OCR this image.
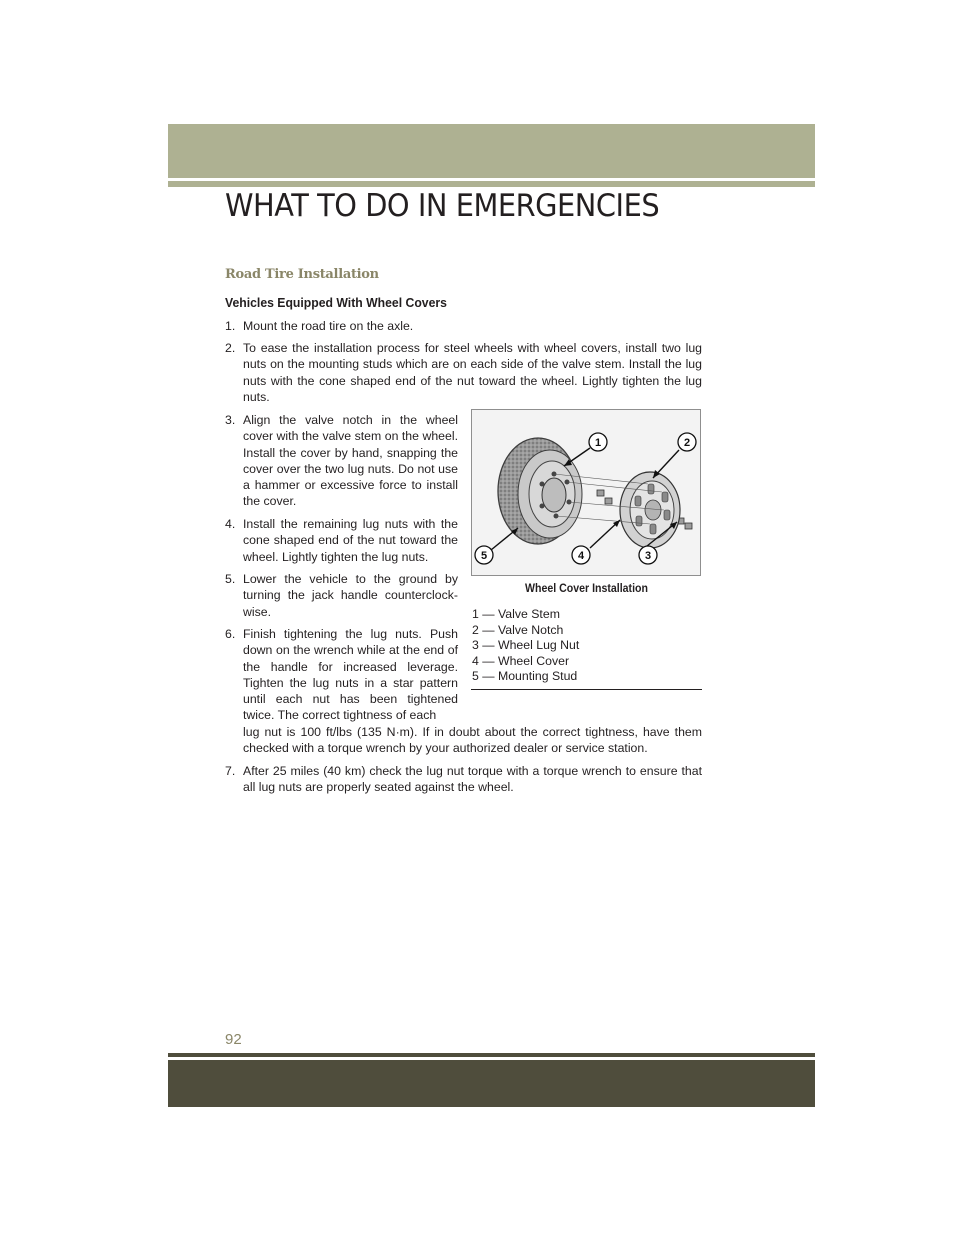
WHAT TO DO IN EMERGENCIES
Road Tire Installation
Vehicles Equipped With Wheel Covers
1. Mount the road tire on the axle.
2. To ease the installation process for steel wheels with wheel covers, install two lug nuts on the mounting studs which are on each side of the valve stem. Install the lug nuts with the cone shaped end of the nut toward the wheel. Lightly tighten the lug nuts.
3. Align the valve notch in the wheel cover with the valve stem on the wheel. Install the cover by hand, snapping the cover over the two lug nuts. Do not use a hammer or excessive force to install the cover.
4. Install the remaining lug nuts with the cone shaped end of the nut toward the wheel. Lightly tighten the lug nuts.
5. Lower the vehicle to the ground by turning the jack handle counterclockwise.
6. Finish tightening the lug nuts. Push down on the wrench while at the end of the handle for increased leverage. Tighten the lug nuts in a star pattern until each nut has been tightened twice. The correct tightness of each
lug nut is 100 ft/lbs (135 N·m). If in doubt about the correct tightness, have them checked with a torque wrench by your authorized dealer or service station.
7. After 25 miles (40 km) check the lug nut torque with a torque wrench to ensure that all lug nuts are properly seated against the wheel.
1	2
3
4
5
Wheel Cover Installation
1 — Valve Stem
2 — Valve Notch
3 — Wheel Lug Nut
4 — Wheel Cover
5 — Mounting Stud

92
